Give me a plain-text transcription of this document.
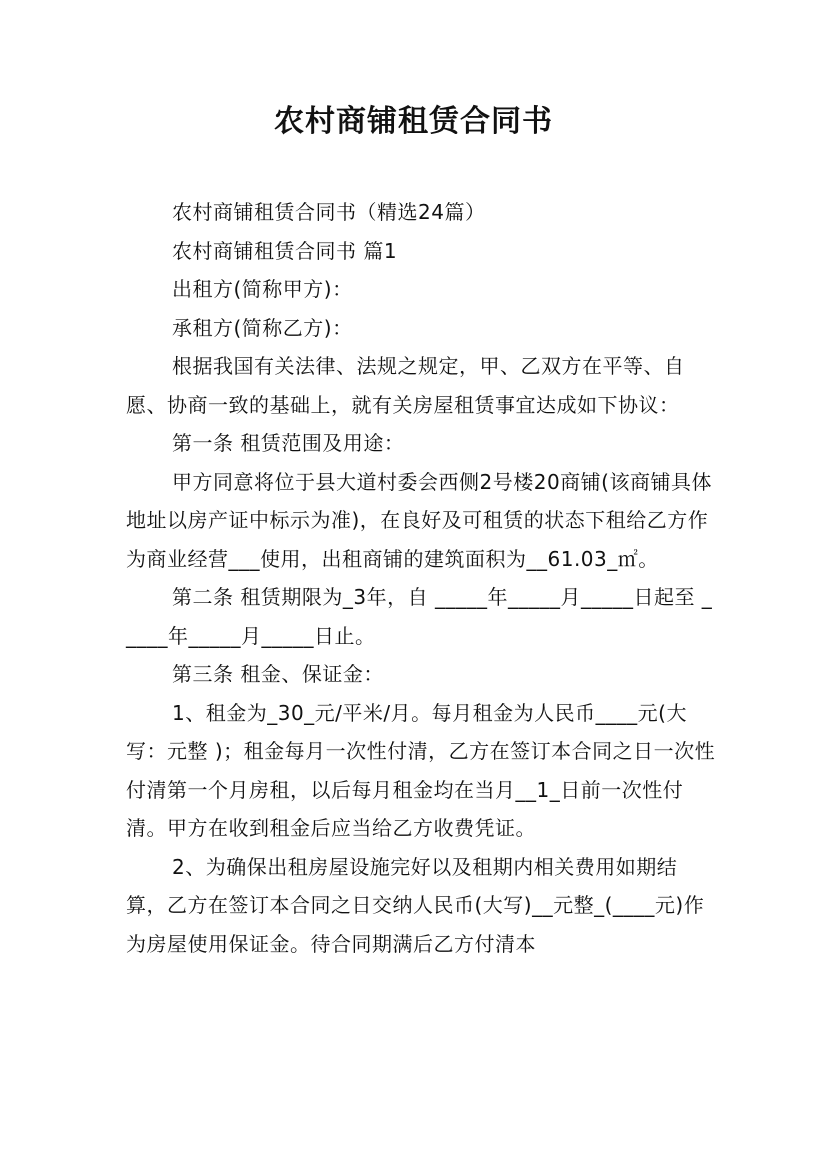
农村商铺租赁合同书

农村商铺租赁合同书（精选24篇）

农村商铺租赁合同书 篇1

出租方(简称甲方)：

承租方(简称乙方)：

根据我国有关法律、法规之规定，甲、乙双方在平等、自愿、协商一致的基础上，就有关房屋租赁事宜达成如下协议：

第一条 租赁范围及用途：

甲方同意将位于县大道村委会西侧2号楼20商铺(该商铺具体地址以房产证中标示为准)，在良好及可租赁的状态下租给乙方作为商业经营___使用，出租商铺的建筑面积为__61.03_㎡。

第二条 租赁期限为_3年，自 _____年_____月_____日起至 _____年_____月_____日止。

第三条 租金、保证金：

1、租金为_30_元/平米/月。每月租金为人民币____元(大写：元整 )；租金每月一次性付清，乙方在签订本合同之日一次性付清第一个月房租，以后每月租金均在当月__1_日前一次性付清。甲方在收到租金后应当给乙方收费凭证。

2、为确保出租房屋设施完好以及租期内相关费用如期结算，乙方在签订本合同之日交纳人民币(大写)__元整_(____元)作为房屋使用保证金。待合同期满后乙方付清本
